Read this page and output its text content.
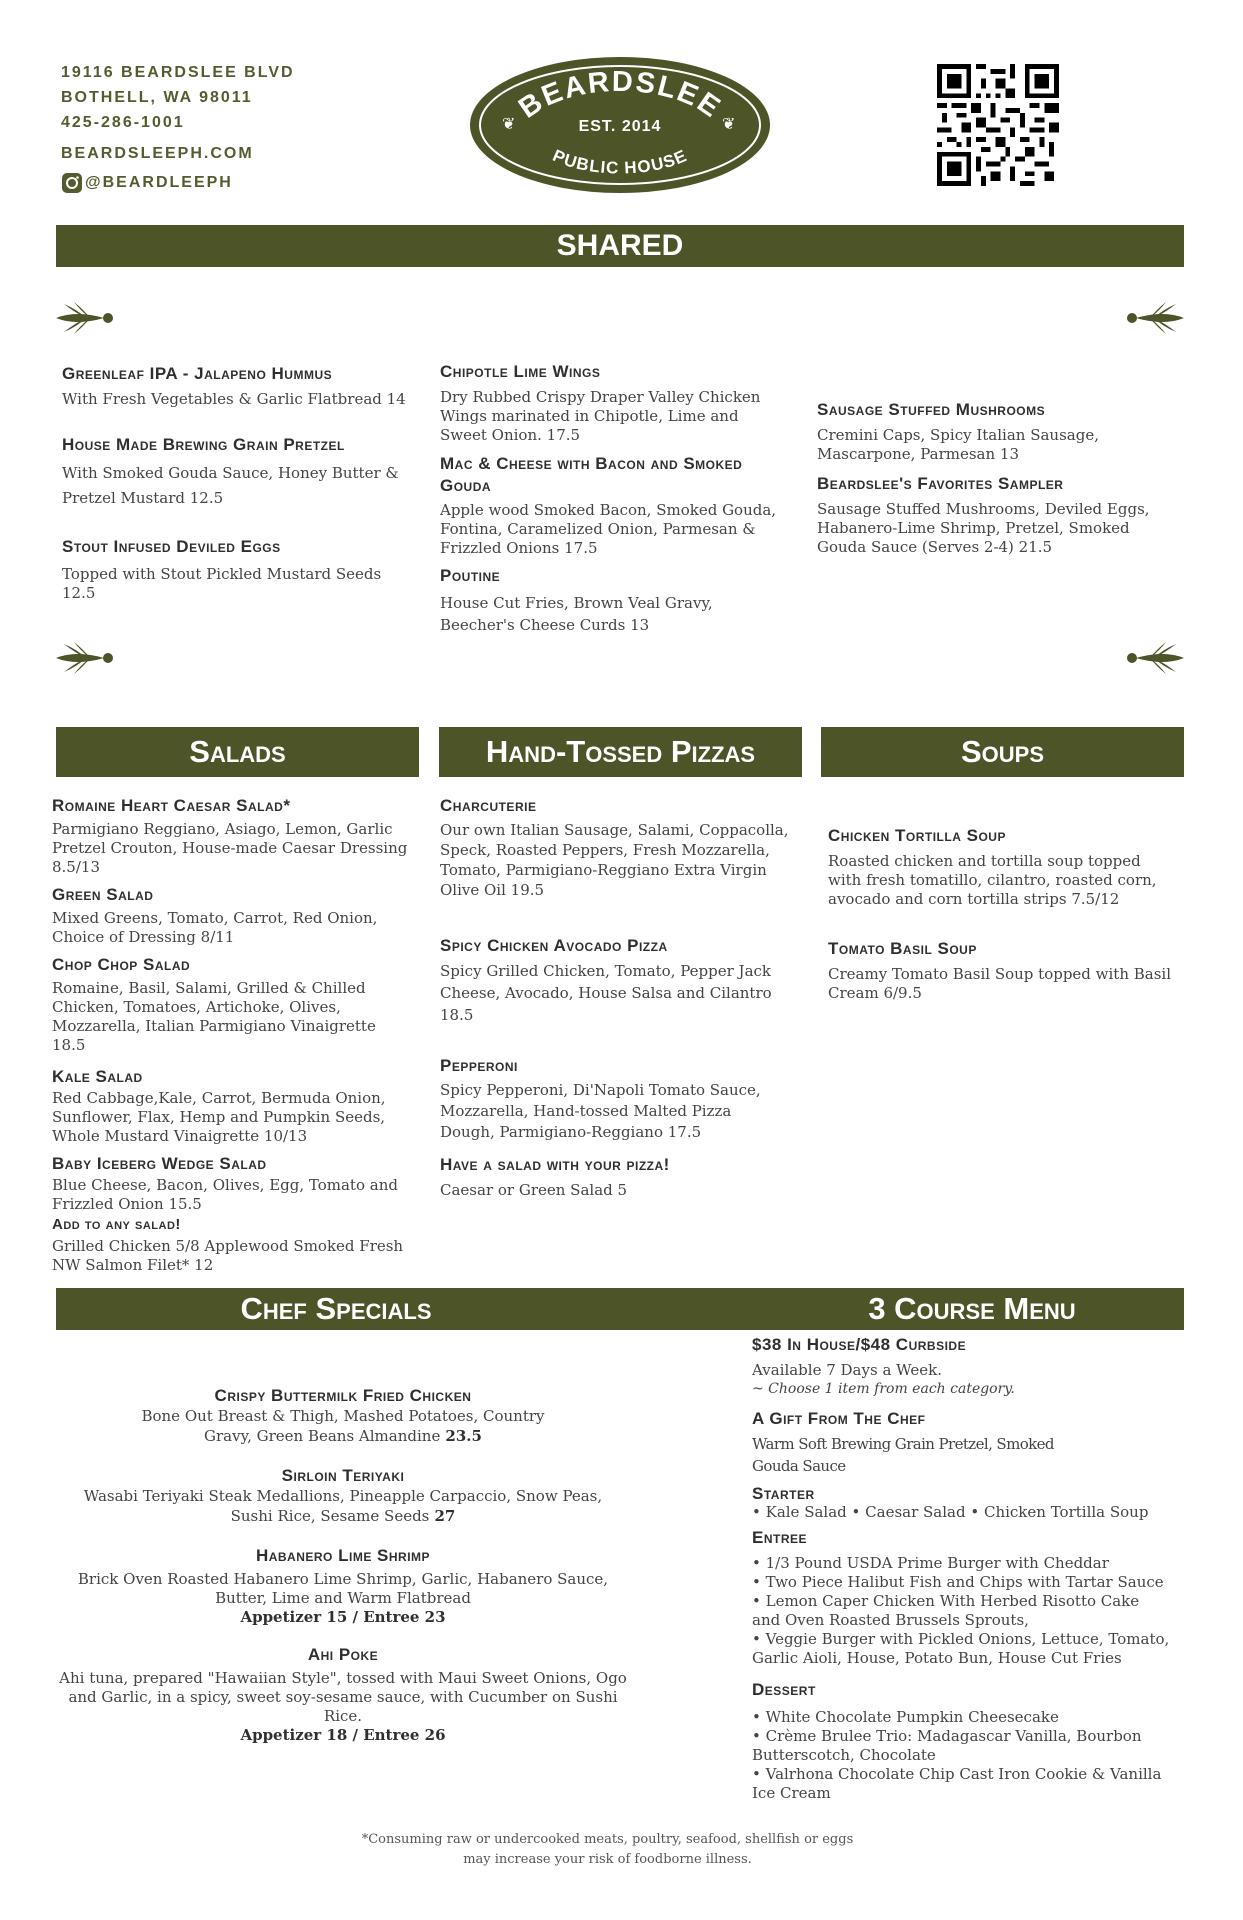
19116 BEARDSLEE BLVD
BOTHELL, WA 98011
425-286-1001
BEARDSLEEPH.COM
@BEARDLEEPH
BEARDSLEE
EST. 2014
PUBLIC HOUSE
❦	❦
SHARED

Greenleaf IPA - Jalapeno Hummus

With Fresh Vegetables & Garlic Flatbread 14

House Made Brewing Grain Pretzel

With Smoked Gouda Sauce, Honey Butter & Pretzel Mustard 12.5

Stout Infused Deviled Eggs

Topped with Stout Pickled Mustard Seeds 12.5

Chipotle Lime Wings

Dry Rubbed Crispy Draper Valley Chicken Wings marinated in Chipotle, Lime and Sweet Onion. 17.5

Mac & Cheese with Bacon and Smoked Gouda

Apple wood Smoked Bacon, Smoked Gouda, Fontina, Caramelized Onion, Parmesan & Frizzled Onions 17.5

Poutine

House Cut Fries, Brown Veal Gravy, Beecher's Cheese Curds 13

Sausage Stuffed Mushrooms

Cremini Caps, Spicy Italian Sausage, Mascarpone, Parmesan 13

Beardslee's Favorites Sampler

Sausage Stuffed Mushrooms, Deviled Eggs, Habanero-Lime Shrimp, Pretzel, Smoked Gouda Sauce (Serves 2-4) 21.5

Salads	Hand-Tossed Pizzas	Soups

Romaine Heart Caesar Salad*

Parmigiano Reggiano, Asiago, Lemon, Garlic Pretzel Crouton, House-made Caesar Dressing 8.5/13

Green Salad

Mixed Greens, Tomato, Carrot, Red Onion, Choice of Dressing 8/11

Chop Chop Salad

Romaine, Basil, Salami, Grilled & Chilled Chicken, Tomatoes, Artichoke, Olives, Mozzarella, Italian Parmigiano Vinaigrette 18.5

Kale Salad

Red Cabbage,Kale, Carrot, Bermuda Onion, Sunflower, Flax, Hemp and Pumpkin Seeds, Whole Mustard Vinaigrette 10/13

Baby Iceberg Wedge Salad

Blue Cheese, Bacon, Olives, Egg, Tomato and Frizzled Onion 15.5

Add to any salad!

Grilled Chicken 5/8 Applewood Smoked Fresh NW Salmon Filet* 12

Charcuterie

Our own Italian Sausage, Salami, Coppacolla, Speck, Roasted Peppers, Fresh Mozzarella, Tomato, Parmigiano-Reggiano Extra Virgin Olive Oil 19.5

Spicy Chicken Avocado Pizza

Spicy Grilled Chicken, Tomato, Pepper Jack Cheese, Avocado, House Salsa and Cilantro 18.5

Pepperoni

Spicy Pepperoni, Di'Napoli Tomato Sauce, Mozzarella, Hand-tossed Malted Pizza Dough, Parmigiano-Reggiano 17.5

Have a salad with your pizza!

Caesar or Green Salad 5

Chicken Tortilla Soup

Roasted chicken and tortilla soup topped with fresh tomatillo, cilantro, roasted corn, avocado and corn tortilla strips 7.5/12

Tomato Basil Soup

Creamy Tomato Basil Soup topped with Basil Cream 6/9.5

Chef Specials	3 Course Menu

Crispy Buttermilk Fried Chicken

Bone Out Breast & Thigh, Mashed Potatoes, Country Gravy, Green Beans Almandine 23.5

Sirloin Teriyaki

Wasabi Teriyaki Steak Medallions, Pineapple Carpaccio, Snow Peas, Sushi Rice, Sesame Seeds 27

Habanero Lime Shrimp

Brick Oven Roasted Habanero Lime Shrimp, Garlic, Habanero Sauce, Butter, Lime and Warm Flatbread

Appetizer 15 / Entree 23

Ahi Poke

Ahi tuna, prepared "Hawaiian Style", tossed with Maui Sweet Onions, Ogo and Garlic, in a spicy, sweet soy-sesame sauce, with Cucumber on Sushi Rice.

Appetizer 18 / Entree 26

$38 In House/$48 Curbside

Available 7 Days a Week.

~ Choose 1 item from each category.

A Gift From The Chef

Warm Soft Brewing Grain Pretzel, Smoked Gouda Sauce

Starter

• Kale Salad • Caesar Salad • Chicken Tortilla Soup

Entree

• 1/3 Pound USDA Prime Burger with Cheddar

• Two Piece Halibut Fish and Chips with Tartar Sauce

• Lemon Caper Chicken With Herbed Risotto Cake and Oven Roasted Brussels Sprouts,

• Veggie Burger with Pickled Onions, Lettuce, Tomato, Garlic Aioli, House, Potato Bun, House Cut Fries

Dessert

• White Chocolate Pumpkin Cheesecake

• Crème Brulee Trio: Madagascar Vanilla, Bourbon Butterscotch, Chocolate

• Valrhona Chocolate Chip Cast Iron Cookie & Vanilla Ice Cream

*Consuming raw or undercooked meats, poultry, seafood, shellfish or eggs
may increase your risk of foodborne illness.
